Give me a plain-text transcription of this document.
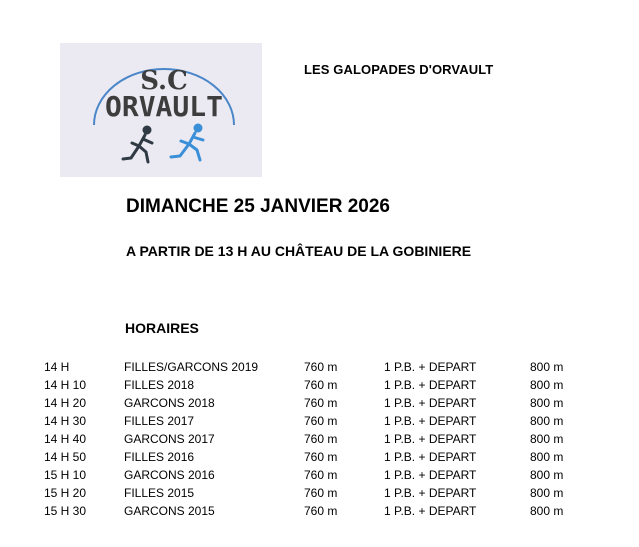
S.C
ORVAULT
LES GALOPADES D'ORVAULT
DIMANCHE 25 JANVIER 2026
A PARTIR DE 13 H AU CHÂTEAU DE LA GOBINIERE
HORAIRES
14 H	FILLES/GARCONS 2019	760 m	1 P.B. + DEPART	800 m
14 H 10	FILLES 2018	760 m	1 P.B. + DEPART	800 m
14 H 20	GARCONS 2018	760 m	1 P.B. + DEPART	800 m
14 H 30	FILLES 2017	760 m	1 P.B. + DEPART	800 m
14 H 40	GARCONS 2017	760 m	1 P.B. + DEPART	800 m
14 H 50	FILLES 2016	760 m	1 P.B. + DEPART	800 m
15 H 10	GARCONS 2016	760 m	1 P.B. + DEPART	800 m
15 H 20	FILLES 2015	760 m	1 P.B. + DEPART	800 m
15 H 30	GARCONS 2015	760 m	1 P.B. + DEPART	800 m
